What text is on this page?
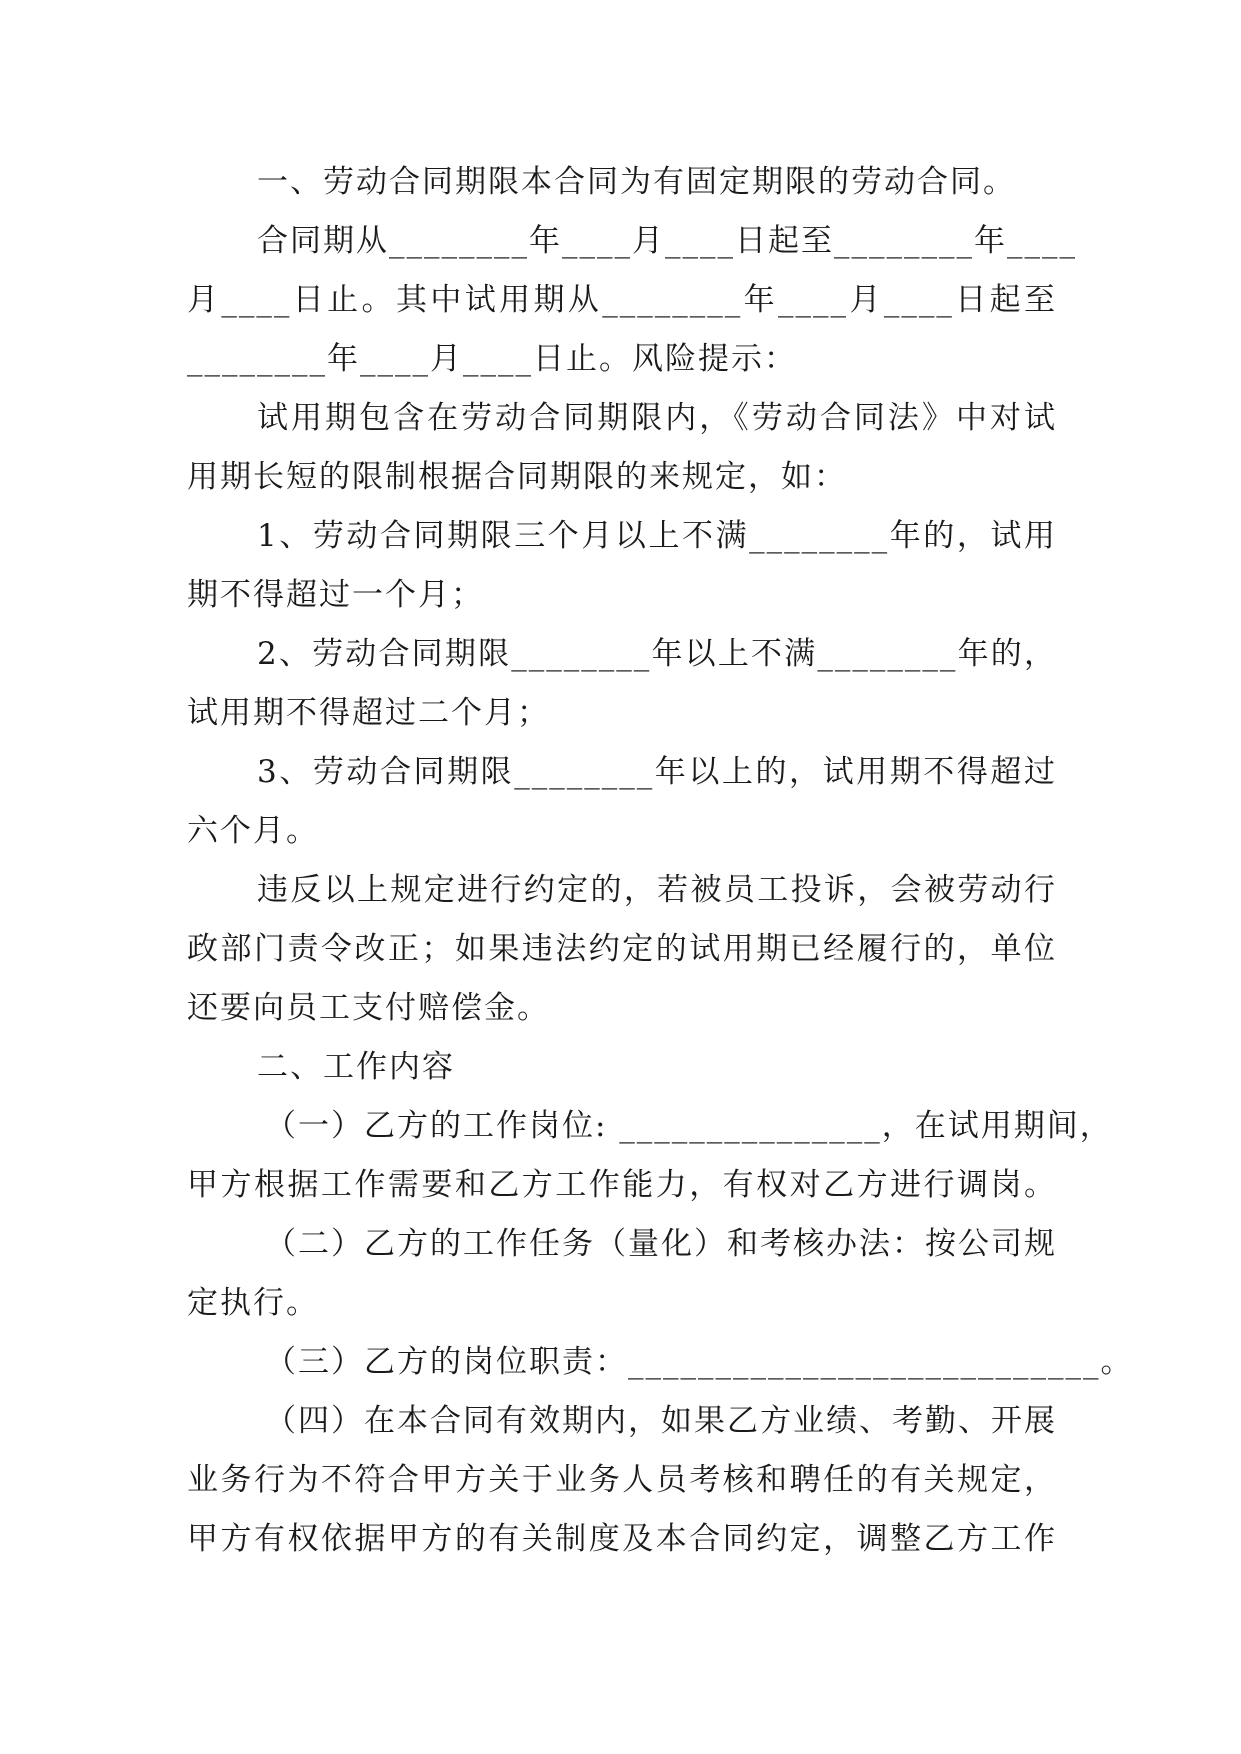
一、劳动合同期限本合同为有固定期限的劳动合同。
合同期从________年____月____日起至________年____
月____日止。其中试用期从________年____月____日起至
________年____月____日止。风险提示：
试用期包含在劳动合同期限内，《劳动合同法》中对试
用期长短的限制根据合同期限的来规定，如：
1、劳动合同期限三个月以上不满________年的，试用
期不得超过一个月；
2、劳动合同期限________年以上不满________年的，
试用期不得超过二个月；
3、劳动合同期限________年以上的，试用期不得超过
六个月。
违反以上规定进行约定的，若被员工投诉，会被劳动行
政部门责令改正；如果违法约定的试用期已经履行的，单位
还要向员工支付赔偿金。
二、工作内容
（一）乙方的工作岗位: _______________，在试用期间，
甲方根据工作需要和乙方工作能力，有权对乙方进行调岗。
（二）乙方的工作任务（量化）和考核办法：按公司规
定执行。
（三）乙方的岗位职责：___________________________。
（四）在本合同有效期内，如果乙方业绩、考勤、开展
业务行为不符合甲方关于业务人员考核和聘任的有关规定，
甲方有权依据甲方的有关制度及本合同约定，调整乙方工作
